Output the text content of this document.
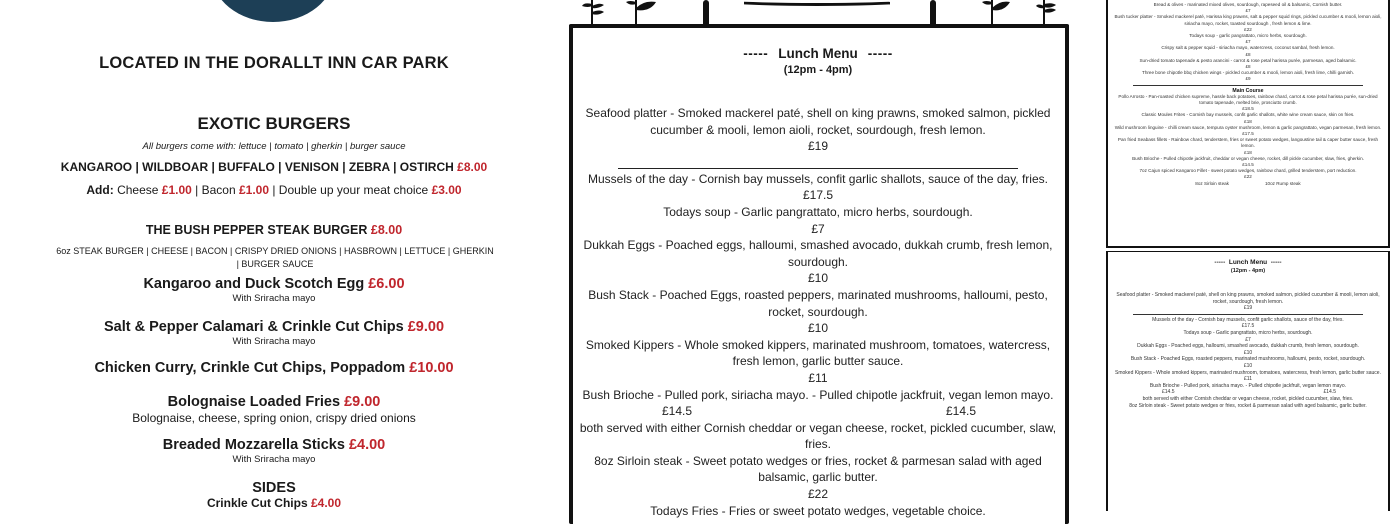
LOCATED IN THE DORALLT INN CAR PARK
EXOTIC BURGERS
All burgers come with: lettuce | tomato | gherkin | burger sauce
KANGAROO | WILDBOAR | BUFFALO | VENISON | ZEBRA | OSTIRCH £8.00
Add: Cheese £1.00 | Bacon £1.00 | Double up your meat choice £3.00
THE BUSH PEPPER STEAK BURGER £8.00
6oz STEAK BURGER | CHEESE | BACON | CRISPY DRIED ONIONS | HASBROWN | LETTUCE | GHERKIN | BURGER SAUCE
Kangaroo and Duck Scotch Egg £6.00
With Sriracha mayo
Salt & Pepper Calamari & Crinkle Cut Chips £9.00
With Sriracha mayo
Chicken Curry, Crinkle Cut Chips, Poppadom £10.00
Bolognaise Loaded Fries £9.00
Bolognaise, cheese, spring onion, crispy dried onions
Breaded Mozzarella Sticks £4.00
With Sriracha mayo
SIDES
Crinkle Cut Chips £4.00
----- Lunch Menu -----
(12pm - 4pm)
Seafood platter - Smoked mackerel paté, shell on king prawns, smoked salmon, pickled cucumber & mooli, lemon aioli, rocket, sourdough, fresh lemon.
£19
Mussels of the day - Cornish bay mussels, confit garlic shallots, sauce of the day, fries.
£17.5
Todays soup - Garlic pangrattato, micro herbs, sourdough.
£7
Dukkah Eggs - Poached eggs, halloumi, smashed avocado, dukkah crumb, fresh lemon, sourdough.
£10
Bush Stack - Poached Eggs, roasted peppers, marinated mushrooms, halloumi, pesto, rocket, sourdough.
£10
Smoked Kippers - Whole smoked kippers, marinated mushroom, tomatoes, watercress, fresh lemon, garlic butter sauce.
£11
Bush Brioche - Pulled pork, siriacha mayo. - Pulled chipotle jackfruit, vegan lemon mayo.
£14.5	£14.5
both served with either Cornish cheddar or vegan cheese, rocket, pickled cucumber, slaw, fries.
8oz Sirloin steak - Sweet potato wedges or fries, rocket & parmesan salad with aged balsamic, garlic butter.
£22
Todays Fries - Fries or sweet potato wedges, vegetable choice.
Bread & olives - marinated mixed olives, sourdough, rapeseed oil & balsamic, Cornish butter.
£7
Bush tucker platter - Smoked mackerel paté, Harissa king prawns, salt & pepper squid rings, pickled cucumber & mooli, lemon aioli, siriacha mayo, rocket, toasted sourdough , fresh lemon & lime.
£22
Todays soup - garlic pangrattato, micro herbs, sourdough.
£7
Crispy salt & pepper squid - siriacha mayo, watercress, coconut sambal, fresh lemon.
£8
Sun-dried tomato tapenade & pesto arancini - carrot & rose petal harissa purée, parmesan, aged balsamic.
£8
Three bone chipotle bbq chicken wings - pickled cucumber & mooli, lemon aioli, fresh lime, chilli garnish.
£9
Main Course
Pollo Arrosto - Pan-roasted chicken supreme, hassle back potatoes, rainbow chard, carrot & rose petal harissa purée, sun-dried tomato tapenade, melted brie, prosciutto crumb.
£18.5
Classic Moules Frites - Cornish bay mussels, confit garlic shallots, white wine cream sauce, skin on fries.
£18
Wild mushroom linguine - chilli cream sauce, tempura oyster mushroom, lemon & garlic pangrattato, vegan parmesan, fresh lemon.
£17.5
Pan fried Seabass fillets - Rainbow chard, tenderstem, fries or sweet potato wedges, langoustine tail & caper butter sauce, fresh lemon.
£18
Bush Brioche - Pulled chipotle jackfruit, cheddar or vegan cheese, rocket, dill pickle cucumber, slaw, fries, gherkin.
£14.5
7oz Cajun spiced Kangaroo Fillet - sweet potato wedges, rainbow chard, grilled tenderstem, port reduction.
£22
8oz Sirloin steak	10oz Rump steak
----- Lunch Menu -----
(12pm - 4pm)
Seafood platter - Smoked mackerel paté, shell on king prawns, smoked salmon, pickled cucumber & mooli, lemon aioli, rocket, sourdough, fresh lemon.
£19
Mussels of the day - Cornish bay mussels, confit garlic shallots, sauce of the day, fries.
£17.5
Todays soup - Garlic pangrattato, micro herbs, sourdough.
£7
Dukkah Eggs - Poached eggs, halloumi, smashed avocado, dukkah crumb, fresh lemon, sourdough.
£10
Bush Stack - Poached Eggs, roasted peppers, marinated mushrooms, halloumi, pesto, rocket, sourdough.
£10
Smoked Kippers - Whole smoked kippers, marinated mushroom, tomatoes, watercress, fresh lemon, garlic butter sauce.
£11
Bush Brioche - Pulled pork, siriacha mayo. - Pulled chipotle jackfruit, vegan lemon mayo.
£14.5	£14.5
both served with either Cornish cheddar or vegan cheese, rocket, pickled cucumber, slaw, fries.
8oz Sirloin steak - Sweet potato wedges or fries, rocket & parmesan salad with aged balsamic, garlic butter.
